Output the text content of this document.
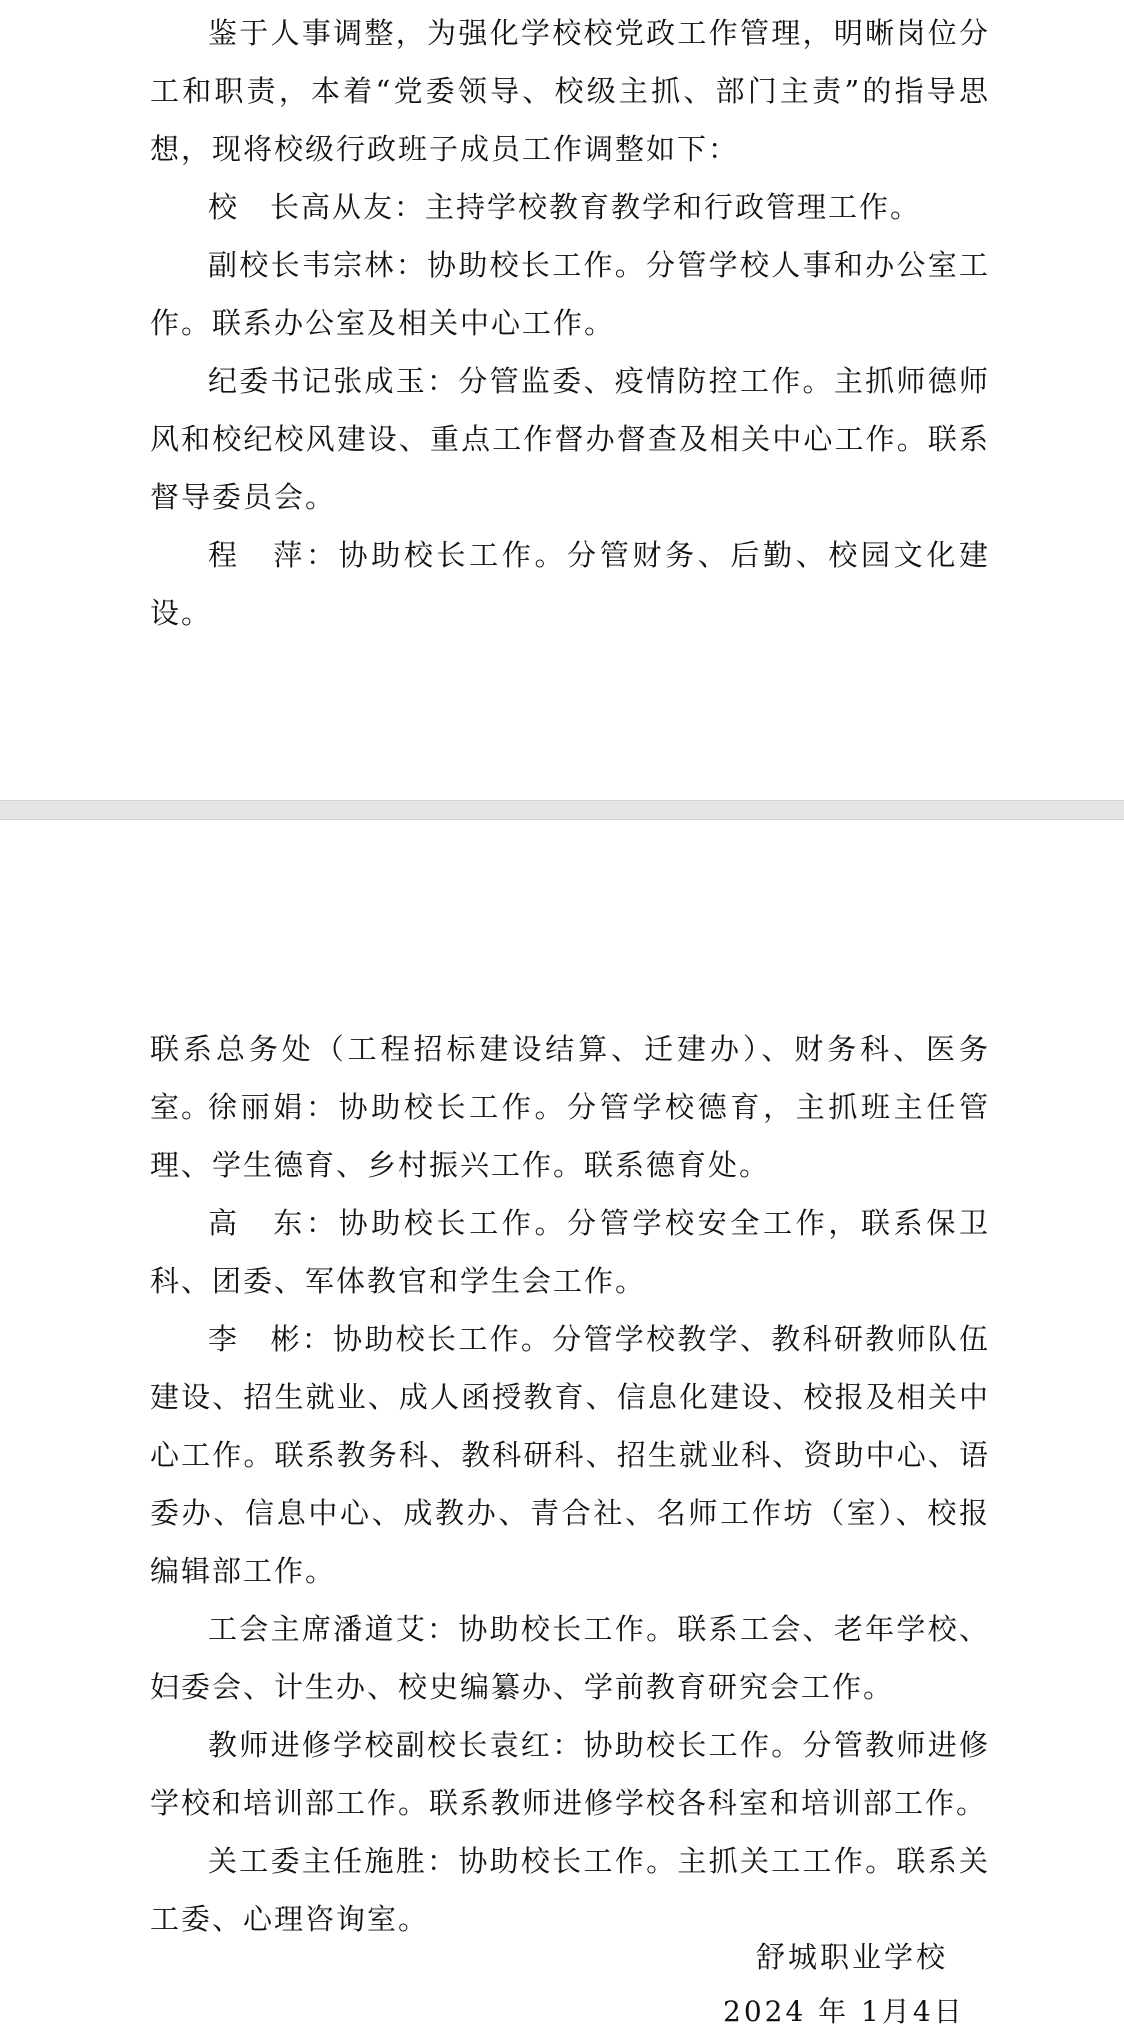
鉴于人事调整，为强化学校校党政工作管理，明晰岗位分工和职责，本着“党委领导、校级主抓、部门主责”的指导思想，现将校级行政班子成员工作调整如下：

校　长高从友：主持学校教育教学和行政管理工作。

副校长韦宗林：协助校长工作。分管学校人事和办公室工作。联系办公室及相关中心工作。

纪委书记张成玉：分管监委、疫情防控工作。主抓师德师风和校纪校风建设、重点工作督办督查及相关中心工作。联系督导委员会。

程　萍：协助校长工作。分管财务、后勤、校园文化建设。

联系总务处（工程招标建设结算、迁建办）、财务科、医务室。

徐丽娟：协助校长工作。分管学校德育，主抓班主任管理、学生德育、乡村振兴工作。联系德育处。

高　东：协助校长工作。分管学校安全工作，联系保卫科、团委、军体教官和学生会工作。

李　彬：协助校长工作。分管学校教学、教科研教师队伍建设、招生就业、成人函授教育、信息化建设、校报及相关中心工作。联系教务科、教科研科、招生就业科、资助中心、语委办、信息中心、成教办、青合社、名师工作坊（室）、校报编辑部工作。

工会主席潘道艾：协助校长工作。联系工会、老年学校、妇委会、计生办、校史编纂办、学前教育研究会工作。

教师进修学校副校长袁红：协助校长工作。分管教师进修学校和培训部工作。联系教师进修学校各科室和培训部工作。

关工委主任施胜：协助校长工作。主抓关工工作。联系关工委、心理咨询室。

舒城职业学校

2024 年 1月4日
